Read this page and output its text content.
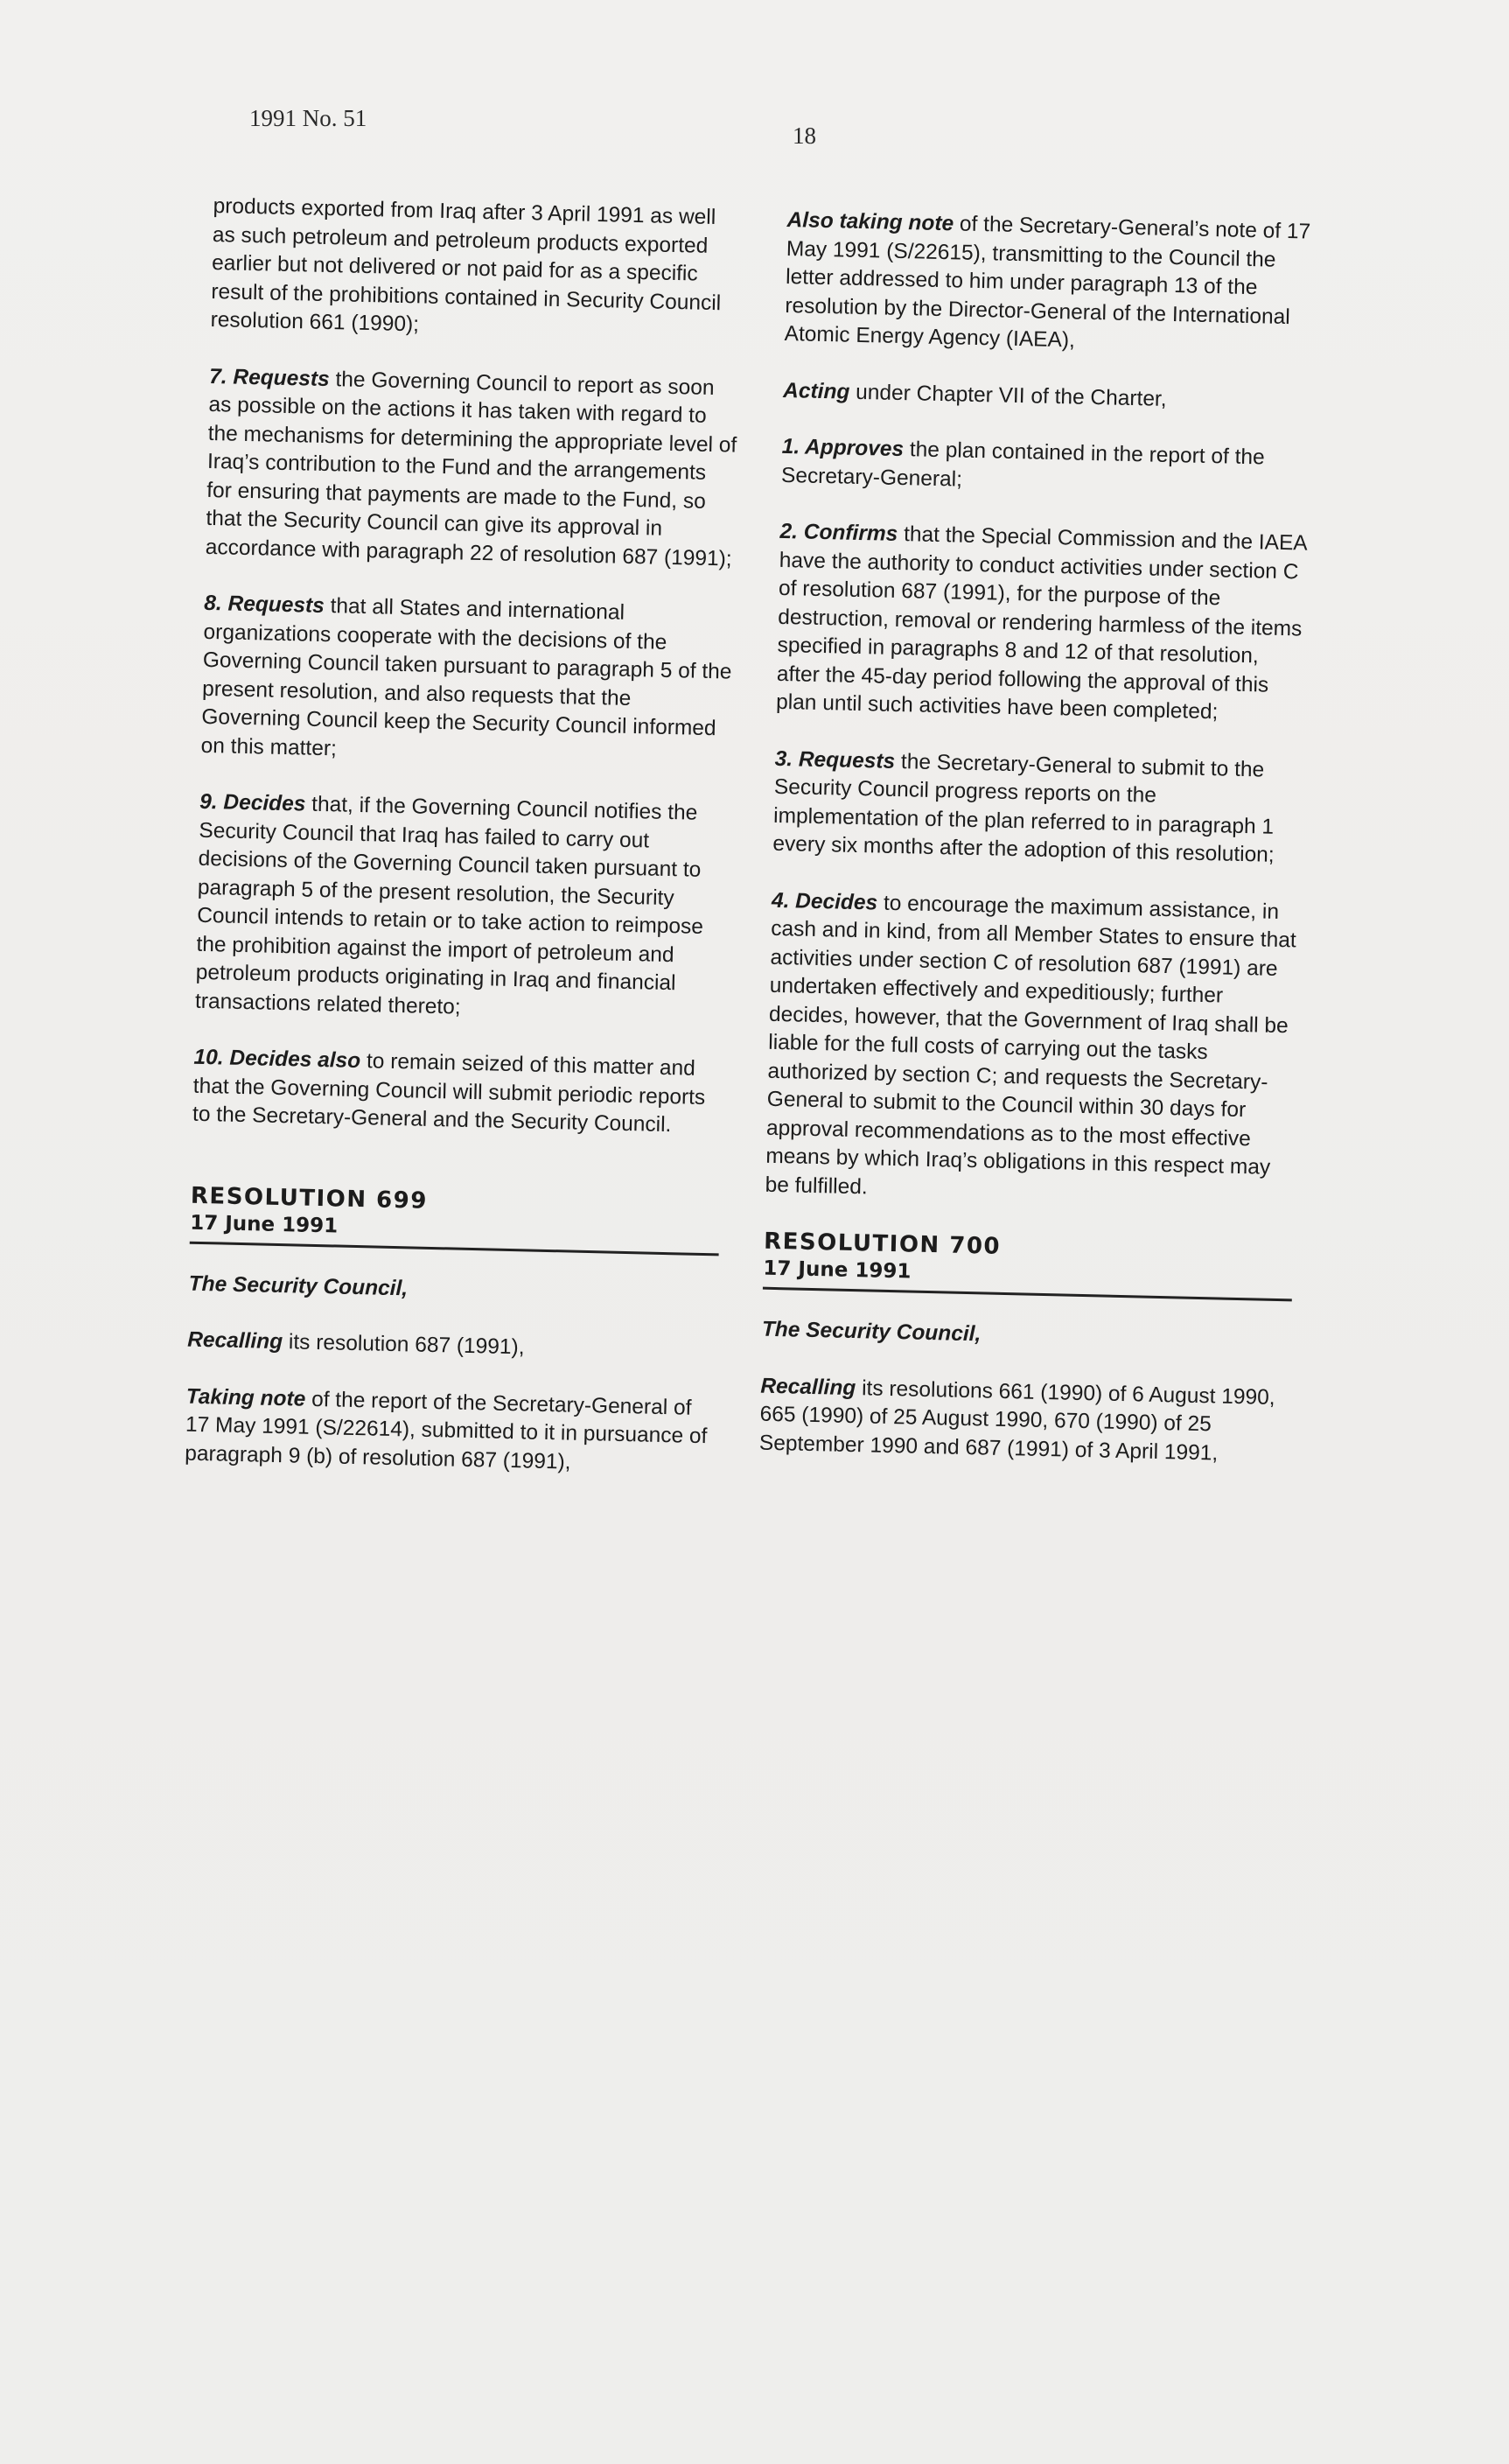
1991 No. 51
18

products exported from Iraq after 3 April 1991 as well as such petroleum and petroleum products exported earlier but not delivered or not paid for as a specific result of the prohibitions contained in Security Council resolution 661 (1990);

7. Requests the Governing Council to report as soon as possible on the actions it has taken with regard to the mechanisms for determining the appropriate level of Iraq’s contribution to the Fund and the arrangements for ensuring that payments are made to the Fund, so that the Security Council can give its approval in accordance with paragraph 22 of resolution 687 (1991);

8. Requests that all States and international organizations cooperate with the decisions of the Governing Council taken pursuant to paragraph 5 of the present resolution, and also requests that the Governing Council keep the Security Council informed on this matter;

9. Decides that, if the Governing Council notifies the Security Council that Iraq has failed to carry out decisions of the Governing Council taken pursuant to paragraph 5 of the present resolution, the Security Council intends to retain or to take action to reimpose the prohibition against the import of petroleum and petroleum products originating in Iraq and financial transactions related thereto;

10. Decides also to remain seized of this matter and that the Governing Council will submit periodic reports to the Secretary-General and the Security Council.

RESOLUTION 699
17 June 1991

The Security Council,

Recalling its resolution 687 (1991),

Taking note of the report of the Secretary-General of 17 May 1991 (S/22614), submitted to it in pursuance of paragraph 9 (b) of resolution 687 (1991),

Also taking note of the Secretary-General’s note of 17 May 1991 (S/22615), transmitting to the Council the letter addressed to him under paragraph 13 of the resolution by the Director-General of the International Atomic Energy Agency (IAEA),

Acting under Chapter VII of the Charter,

1. Approves the plan contained in the report of the Secretary-General;

2. Confirms that the Special Commission and the IAEA have the authority to conduct activities under section C of resolution 687 (1991), for the purpose of the destruction, removal or rendering harmless of the items specified in paragraphs 8 and 12 of that resolution, after the 45-day period following the approval of this plan until such activities have been completed;

3. Requests the Secretary-General to submit to the Security Council progress reports on the implementation of the plan referred to in paragraph 1 every six months after the adoption of this resolution;

4. Decides to encourage the maximum assistance, in cash and in kind, from all Member States to ensure that activities under section C of resolution 687 (1991) are undertaken effectively and expeditiously; further decides, however, that the Government of Iraq shall be liable for the full costs of carrying out the tasks authorized by section C; and requests the Secretary-General to submit to the Council within 30 days for approval recommendations as to the most effective means by which Iraq’s obligations in this respect may be fulfilled.

RESOLUTION 700
17 June 1991

The Security Council,

Recalling its resolutions 661 (1990) of 6 August 1990, 665 (1990) of 25 August 1990, 670 (1990) of 25 September 1990 and 687 (1991) of 3 April 1991,
